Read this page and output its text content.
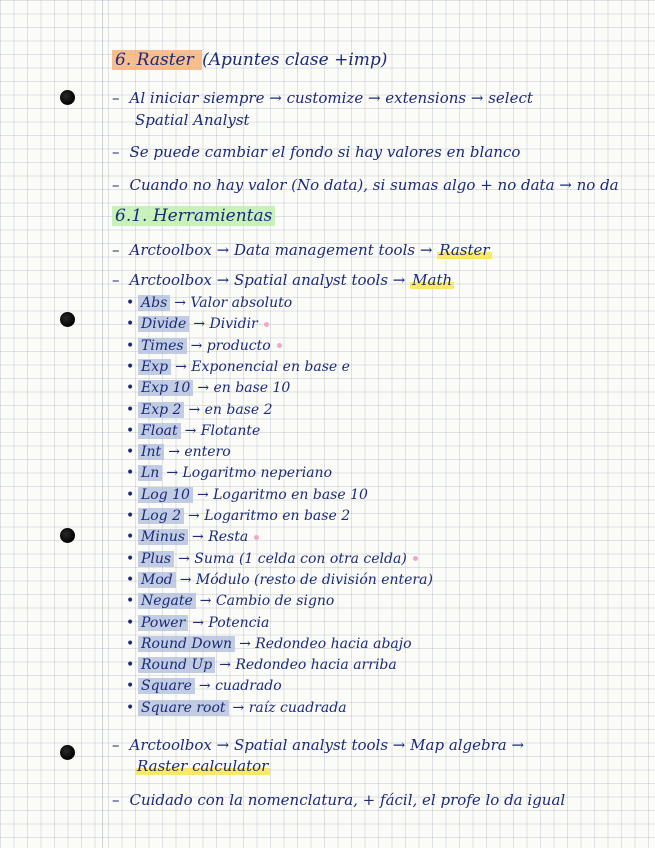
6. Raster (Apuntes clase +imp)
– Al iniciar siempre → customize → extensions → select
Spatial Analyst
– Se puede cambiar el fondo si hay valores en blanco
– Cuando no hay valor (No data), si sumas algo + no data → no da
6.1. Herramientas
– Arctoolbox → Data management tools → Raster
– Arctoolbox → Spatial analyst tools → Math
• Abs → Valor absoluto
• Divide → Dividir
• Times → producto
• Exp → Exponencial en base e
• Exp 10 → en base 10
• Exp 2 → en base 2
• Float → Flotante
• Int → entero
• Ln → Logaritmo neperiano
• Log 10 → Logaritmo en base 10
• Log 2 → Logaritmo en base 2
• Minus → Resta
• Plus → Suma (1 celda con otra celda)
• Mod → Módulo (resto de división entera)
• Negate → Cambio de signo
• Power → Potencia
• Round Down → Redondeo hacia abajo
• Round Up → Redondeo hacia arriba
• Square → cuadrado
• Square root → raíz cuadrada
– Arctoolbox → Spatial analyst tools → Map algebra →
Raster calculator
– Cuidado con la nomenclatura, + fácil, el profe lo da igual
